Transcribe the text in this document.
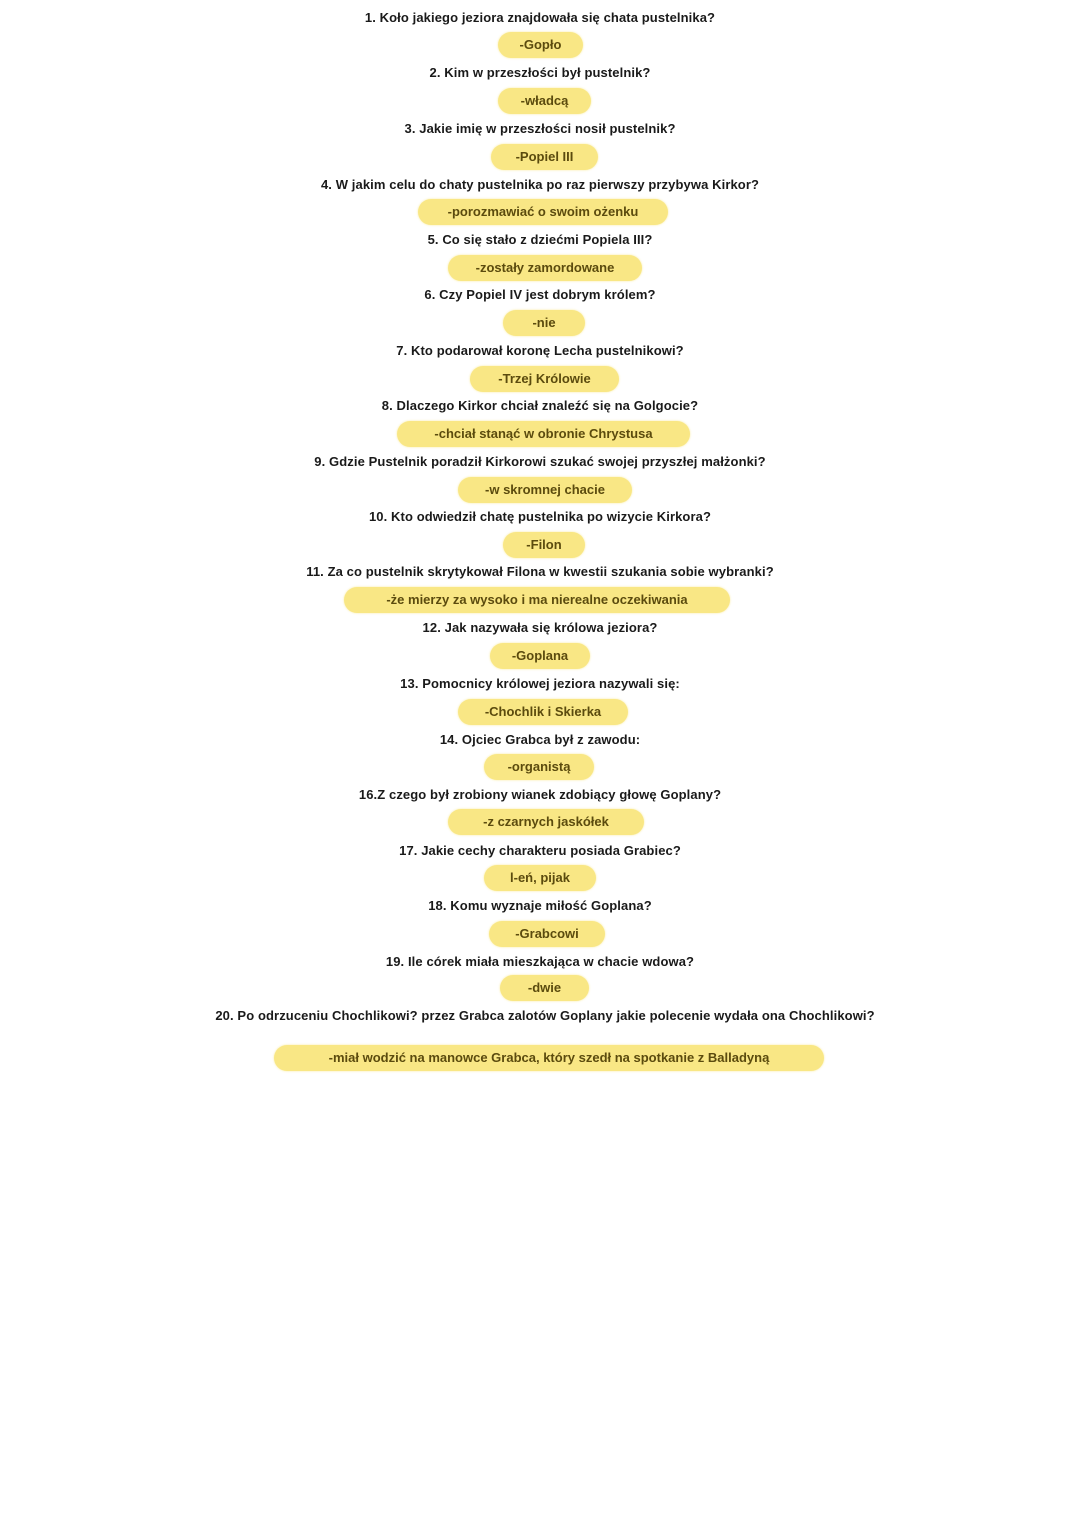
1. Koło jakiego jeziora znajdowała się chata pustelnika?
-Gopło
2. Kim w przeszłości był pustelnik?
-władcą
3. Jakie imię w przeszłości nosił pustelnik?
-Popiel III
4. W jakim celu do chaty pustelnika po raz pierwszy przybywa Kirkor?
-porozmawiać o swoim ożenku
5. Co się stało z dziećmi Popiela III?
-zostały zamordowane
6. Czy Popiel IV jest dobrym królem?
-nie
7. Kto podarował koronę Lecha pustelnikowi?
-Trzej Królowie
8. Dlaczego Kirkor chciał znaleźć się na Golgocie?
-chciał stanąć w obronie Chrystusa
9. Gdzie Pustelnik poradził Kirkorowi szukać swojej przyszłej małżonki?
-w skromnej chacie
10. Kto odwiedził chatę pustelnika po wizycie Kirkora?
-Filon
11. Za co pustelnik skrytykował Filona w kwestii szukania sobie wybranki?
-że mierzy za wysoko i ma nierealne oczekiwania
12. Jak nazywała się królowa jeziora?
-Goplana
13. Pomocnicy królowej jeziora nazywali się:
-Chochlik i Skierka
14. Ojciec Grabca był z zawodu:
-organistą
16.Z czego był zrobiony wianek zdobiący głowę Goplany?
-z czarnych jaskółek
17. Jakie cechy charakteru posiada Grabiec?
l-eń, pijak
18. Komu wyznaje miłość Goplana?
-Grabcowi
19. Ile córek miała mieszkająca w chacie wdowa?
-dwie
20. Po odrzuceniu Chochlikowi? przez Grabca zalotów Goplany jakie polecenie wydała ona Chochlikowi?
-miał wodzić na manowce Grabca, który szedł na spotkanie z Balladyną
